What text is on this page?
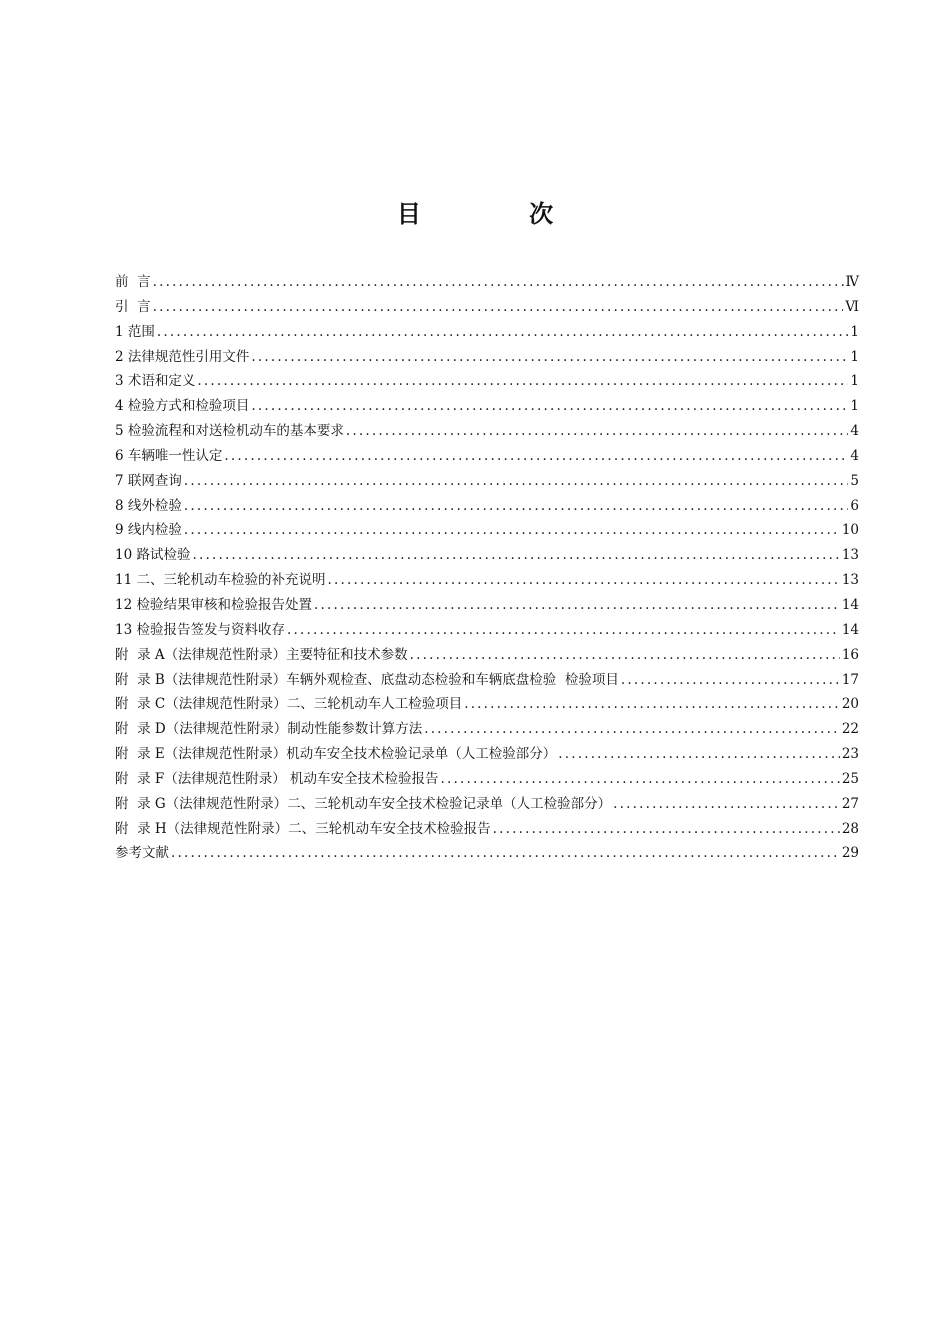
目 次
前  言 .....	Ⅳ
引  言 .....	Ⅵ
1 范围 .....	1
2 法律规范性引用文件 .....	1
3 术语和定义 .....	1
4 检验方式和检验项目 .....	1
5 检验流程和对送检机动车的基本要求 .....	4
6 车辆唯一性认定 .....	4
7 联网查询 .....	5
8 线外检验 .....	6
9 线内检验 .....	10
10 路试检验 .....	13
11 二、三轮机动车检验的补充说明 .....	13
12 检验结果审核和检验报告处置 .....	14
13 检验报告签发与资料收存 .....	14
附  录 A（法律规范性附录）主要特征和技术参数 .....	16
附  录 B（法律规范性附录）车辆外观检查、底盘动态检验和车辆底盘检验  检验项目 .....	17
附  录 C（法律规范性附录）二、三轮机动车人工检验项目 .....	20
附  录 D（法律规范性附录）制动性能参数计算方法 .....	22
附  录 E（法律规范性附录）机动车安全技术检验记录单（人工检验部分） .....	23
附  录 F（法律规范性附录） 机动车安全技术检验报告 .....	25
附  录 G（法律规范性附录）二、三轮机动车安全技术检验记录单（人工检验部分） .....	27
附  录 H（法律规范性附录）二、三轮机动车安全技术检验报告 .....	28
参考文献 .....	29
